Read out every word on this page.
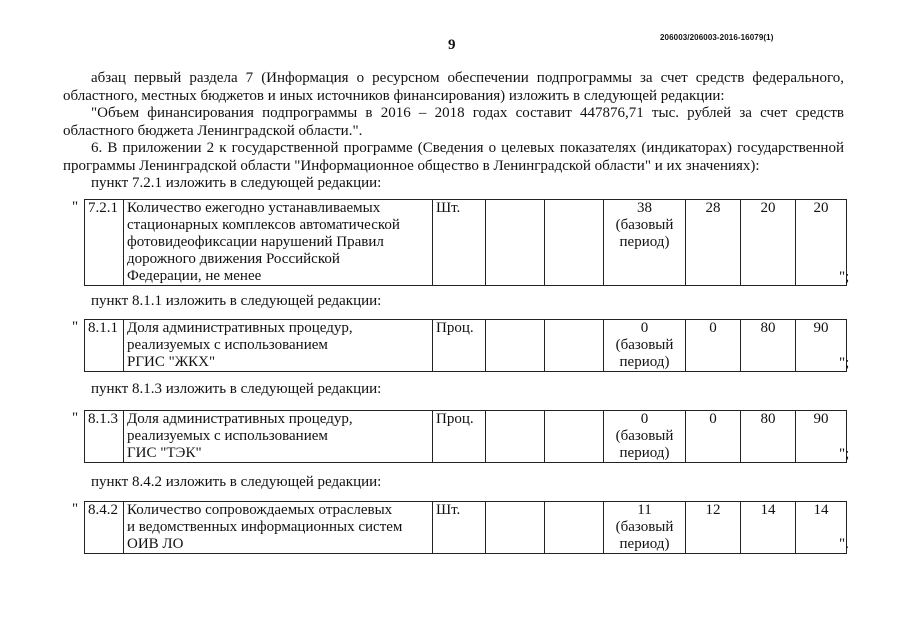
9	206003/206003-2016-16079(1)
абзац первый раздела 7 (Информация о ресурсном обеспечении подпрограммы за счет средств федерального,
областного, местных бюджетов и иных источников финансирования) изложить в следующей редакции:
"Объем финансирования подпрограммы в 2016 – 2018 годах составит 447876,71 тыс. рублей за счет средств
областного бюджета Ленинградской области.".
6. В приложении 2 к государственной программе (Сведения о целевых показателях (индикаторах) государственной
программы Ленинградской области "Информационное общество в Ленинградской области" и их значениях):
пункт 7.2.1 изложить в следующей редакции:
" 7.2.1	Количество ежегодно устанавливаемых
стационарных комплексов автоматической
фотовидеофиксации нарушений Правил
дорожного движения Российской
Федерации, не менее
	Шт.			38
(базовый
период)
	28	20	20
";
пункт 8.1.1 изложить в следующей редакции:
" 8.1.1	Доля административных процедур,
реализуемых с использованием
РГИС "ЖКХ"
	Проц.			0
(базовый
период)
	0	80	90
";
пункт 8.1.3 изложить в следующей редакции:
" 8.1.3	Доля административных процедур,
реализуемых с использованием
ГИС "ТЭК"
	Проц.			0
(базовый
период)
	0	80	90
";
пункт 8.4.2 изложить в следующей редакции:
" 8.4.2	Количество сопровождаемых отраслевых
и ведомственных информационных систем
ОИВ ЛО
	Шт.			11
(базовый
период)
	12	14	14
".
